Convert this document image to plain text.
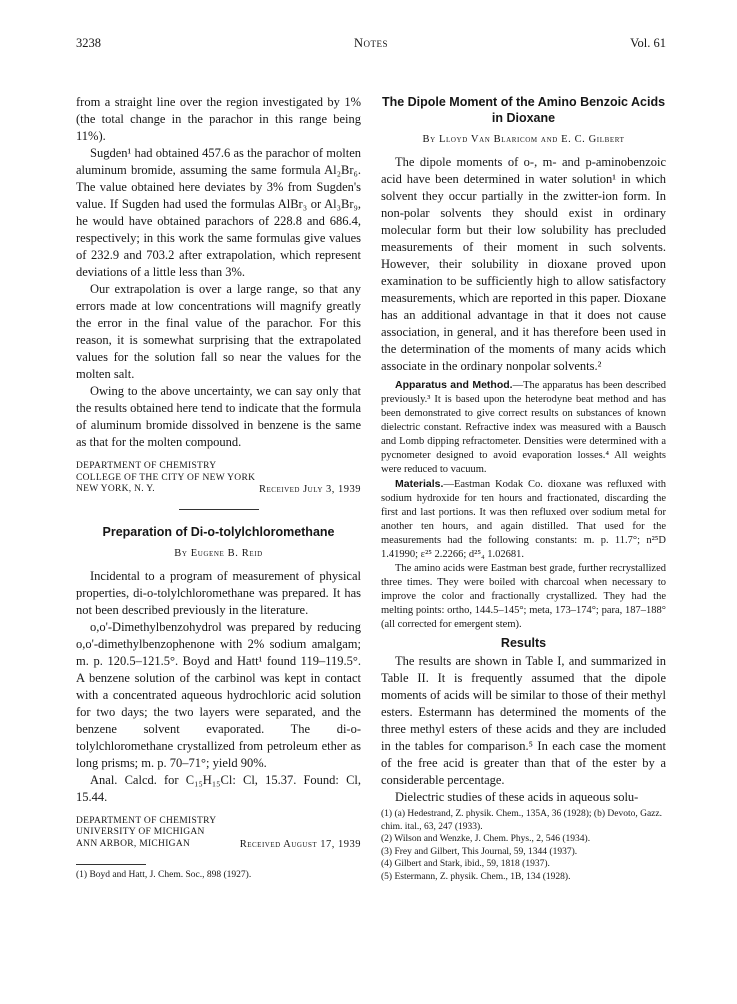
3238	Notes	Vol. 61

from a straight line over the region investigated by 1% (the total change in the parachor in this range being 11%).

Sugden¹ had obtained 457.6 as the parachor of molten aluminum bromide, assuming the same formula Al₂Br₆. The value obtained here deviates by 3% from Sugden's value. If Sugden had used the formulas AlBr₃ or Al₃Br₉, he would have obtained parachors of 228.8 and 686.4, respectively; in this work the same formulas give values of 232.9 and 703.2 after extrapolation, which represent deviations of a little less than 3%.

Our extrapolation is over a large range, so that any errors made at low concentrations will magnify greatly the error in the final value of the parachor. For this reason, it is somewhat surprising that the extrapolated values for the solution fall so near the values for the molten salt.

Owing to the above uncertainty, we can say only that the results obtained here tend to indicate that the formula of aluminum bromide dissolved in benzene is the same as that for the molten compound.

DEPARTMENT OF CHEMISTRY
COLLEGE OF THE CITY OF NEW YORK
NEW YORK, N. Y.	Received July 3, 1939
Preparation of Di-o-tolylchloromethane
By Eugene B. Reid

Incidental to a program of measurement of physical properties, di-o-tolylchloromethane was prepared. It has not been described previously in the literature.

o,o'-Dimethylbenzohydrol was prepared by reducing o,o'-dimethylbenzophenone with 2% sodium amalgam; m. p. 120.5–121.5°. Boyd and Hatt¹ found 119–119.5°. A benzene solution of the carbinol was kept in contact with a concentrated aqueous hydrochloric acid solution for two days; the two layers were separated, and the benzene solvent evaporated. The di-o-tolylchloromethane crystallized from petroleum ether as long prisms; m. p. 70–71°; yield 90%.

Anal. Calcd. for C₁₅H₁₅Cl: Cl, 15.37. Found: Cl, 15.44.

DEPARTMENT OF CHEMISTRY
UNIVERSITY OF MICHIGAN
ANN ARBOR, MICHIGAN	Received August 17, 1939

(1) Boyd and Hatt, J. Chem. Soc., 898 (1927).

The Dipole Moment of the Amino Benzoic Acids
in Dioxane
By Lloyd Van Blaricom and E. C. Gilbert

The dipole moments of o-, m- and p-aminobenzoic acid have been determined in water solution¹ in which solvent they occur partially in the zwitter-ion form. In non-polar solvents they should exist in ordinary molecular form but their low solubility has precluded measurements of their moment in such solvents. However, their solubility in dioxane proved upon examination to be sufficiently high to allow satisfactory measurements, which are reported in this paper. Dioxane has an additional advantage in that it does not cause association, in general, and it has therefore been used in the determination of the moments of many acids which associate in the ordinary nonpolar solvents.²

Apparatus and Method.—The apparatus has been described previously.³ It is based upon the heterodyne beat method and has been demonstrated to give correct results on substances of known dielectric constant. Refractive index was measured with a Bausch and Lomb dipping refractometer. Densities were determined with a pycnometer designed to avoid evaporation losses.⁴ All weights were reduced to vacuum.

Materials.—Eastman Kodak Co. dioxane was refluxed with sodium hydroxide for ten hours and fractionated, discarding the first and last portions. It was then refluxed over sodium metal for another ten hours, and again distilled. That used for the measurements had the following constants: m. p. 11.7°; n²⁵D 1.41990; ε²⁵ 2.2266; d²⁵₄ 1.02681.

The amino acids were Eastman best grade, further recrystallized three times. They were boiled with charcoal when necessary to improve the color and fractionally crystallized. They had the melting points: ortho, 144.5–145°; meta, 173–174°; para, 187–188° (all corrected for emergent stem).

Results

The results are shown in Table I, and summarized in Table II. It is frequently assumed that the dipole moments of acids will be similar to those of their methyl esters. Estermann has determined the moments of the three methyl esters of these acids and they are included in the tables for comparison.⁵ In each case the moment of the free acid is greater than that of the ester by a considerable percentage.

Dielectric studies of these acids in aqueous solu-

(1) (a) Hedestrand, Z. physik. Chem., 135A, 36 (1928); (b) Devoto, Gazz. chim. ital., 63, 247 (1933).

(2) Wilson and Wenzke, J. Chem. Phys., 2, 546 (1934).

(3) Frey and Gilbert, This Journal, 59, 1344 (1937).

(4) Gilbert and Stark, ibid., 59, 1818 (1937).

(5) Estermann, Z. physik. Chem., 1B, 134 (1928).
